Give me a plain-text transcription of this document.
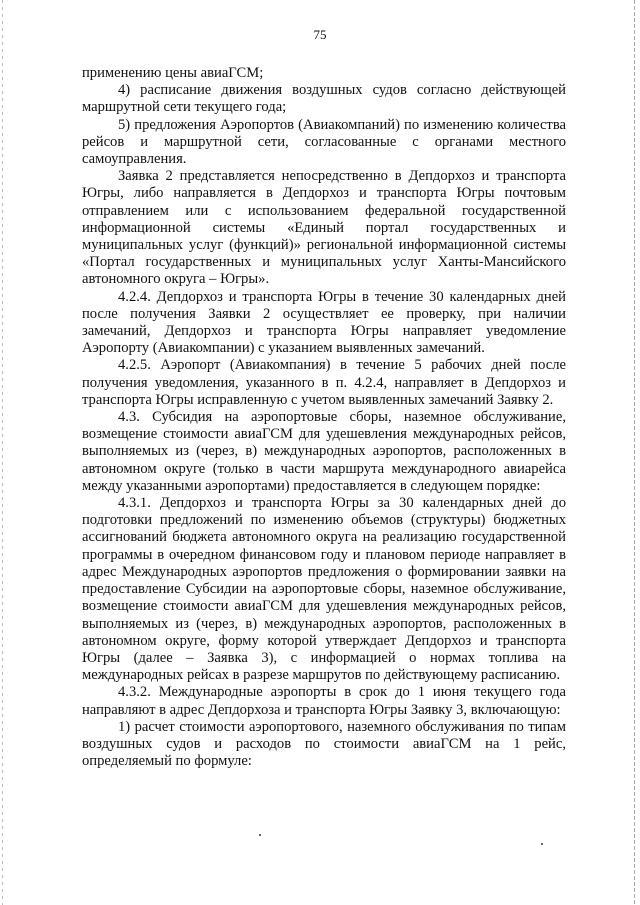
75

применению цены авиаГСМ;

4) расписание движения воздушных судов согласно действующей маршрутной сети текущего года;

5) предложения Аэропортов (Авиакомпаний) по изменению количества рейсов и маршрутной сети, согласованные с органами местного самоуправления.

Заявка 2 представляется непосредственно в Депдорхоз и транспорта Югры, либо направляется в Депдорхоз и транспорта Югры почтовым отправлением или с использованием федеральной государственной информационной системы «Единый портал государственных и муниципальных услуг (функций)» региональной информационной системы «Портал государственных и муниципальных услуг Ханты-Мансийского автономного округа – Югры».

4.2.4. Депдорхоз и транспорта Югры в течение 30 календарных дней после получения Заявки 2 осуществляет ее проверку, при наличии замечаний, Депдорхоз и транспорта Югры направляет уведомление Аэропорту (Авиакомпании) с указанием выявленных замечаний.

4.2.5. Аэропорт (Авиакомпания) в течение 5 рабочих дней после получения уведомления, указанного в п. 4.2.4, направляет в Депдорхоз и транспорта Югры исправленную с учетом выявленных замечаний Заявку 2.

4.3. Субсидия на аэропортовые сборы, наземное обслуживание, возмещение стоимости авиаГСМ для удешевления международных рейсов, выполняемых из (через, в) международных аэропортов, расположенных в автономном округе (только в части маршрута международного авиарейса между указанными аэропортами) предоставляется в следующем порядке:

4.3.1. Депдорхоз и транспорта Югры за 30 календарных дней до подготовки предложений по изменению объемов (структуры) бюджетных ассигнований бюджета автономного округа на реализацию государственной программы в очередном финансовом году и плановом периоде направляет в адрес Международных аэропортов предложения о формировании заявки на предоставление Субсидии на аэропортовые сборы, наземное обслуживание, возмещение стоимости авиаГСМ для удешевления международных рейсов, выполняемых из (через, в) международных аэропортов, расположенных в автономном округе, форму которой утверждает Депдорхоз и транспорта Югры (далее – Заявка 3), с информацией о нормах топлива на международных рейсах в разрезе маршрутов по действующему расписанию.

4.3.2. Международные аэропорты в срок до 1 июня текущего года направляют в адрес Депдорхоза и транспорта Югры Заявку 3, включающую:

1) расчет стоимости аэропортового, наземного обслуживания по типам воздушных судов и расходов по стоимости авиаГСМ на 1 рейс, определяемый по формуле:
